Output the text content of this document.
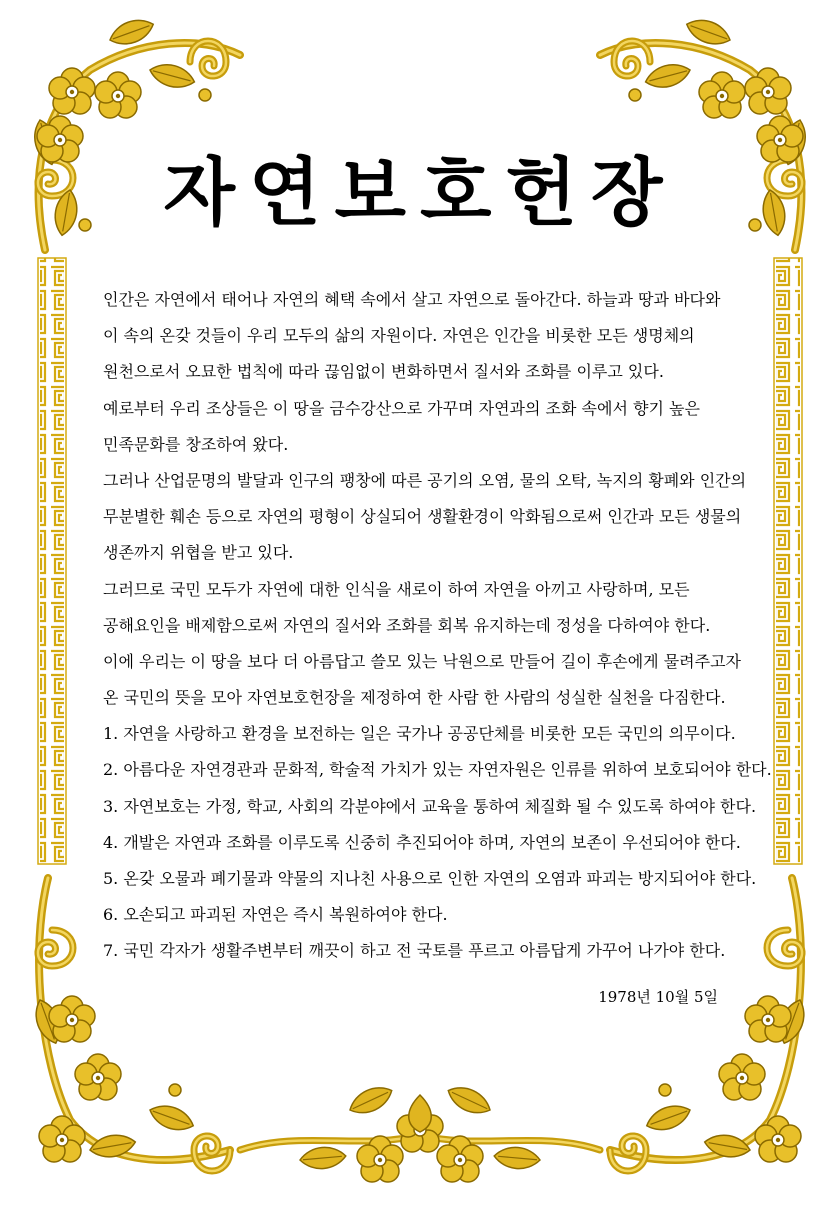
자연보호헌장
인간은 자연에서 태어나 자연의 혜택 속에서 살고 자연으로 돌아간다. 하늘과 땅과 바다와
이 속의 온갖 것들이 우리 모두의 삶의 자원이다. 자연은 인간을 비롯한 모든 생명체의
원천으로서 오묘한 법칙에 따라 끊임없이 변화하면서 질서와 조화를 이루고 있다.
예로부터 우리 조상들은 이 땅을 금수강산으로 가꾸며 자연과의 조화 속에서 향기 높은
민족문화를 창조하여 왔다.
그러나 산업문명의 발달과 인구의 팽창에 따른 공기의 오염, 물의 오탁, 녹지의 황폐와 인간의
무분별한 훼손 등으로 자연의 평형이 상실되어 생활환경이 악화됨으로써 인간과 모든 생물의
생존까지 위협을 받고 있다.
그러므로 국민 모두가 자연에 대한 인식을 새로이 하여 자연을 아끼고 사랑하며, 모든
공해요인을 배제함으로써 자연의 질서와 조화를 회복 유지하는데 정성을 다하여야 한다.
이에 우리는 이 땅을 보다 더 아름답고 쓸모 있는 낙원으로 만들어 길이 후손에게 물려주고자
온 국민의 뜻을 모아 자연보호헌장을 제정하여 한 사람 한 사람의 성실한 실천을 다짐한다.
1. 자연을 사랑하고 환경을 보전하는 일은 국가나 공공단체를 비롯한 모든 국민의 의무이다.
2. 아름다운 자연경관과 문화적, 학술적 가치가 있는 자연자원은 인류를 위하여 보호되어야 한다.
3. 자연보호는 가정, 학교, 사회의 각분야에서 교육을 통하여 체질화 될 수 있도록 하여야 한다.
4. 개발은 자연과 조화를 이루도록 신중히 추진되어야 하며, 자연의 보존이 우선되어야 한다.
5. 온갖 오물과 폐기물과 약물의 지나친 사용으로 인한 자연의 오염과 파괴는 방지되어야 한다.
6. 오손되고 파괴된 자연은 즉시 복원하여야 한다.
7. 국민 각자가 생활주변부터 깨끗이 하고 전 국토를 푸르고 아름답게 가꾸어 나가야 한다.
1978년 10월 5일
